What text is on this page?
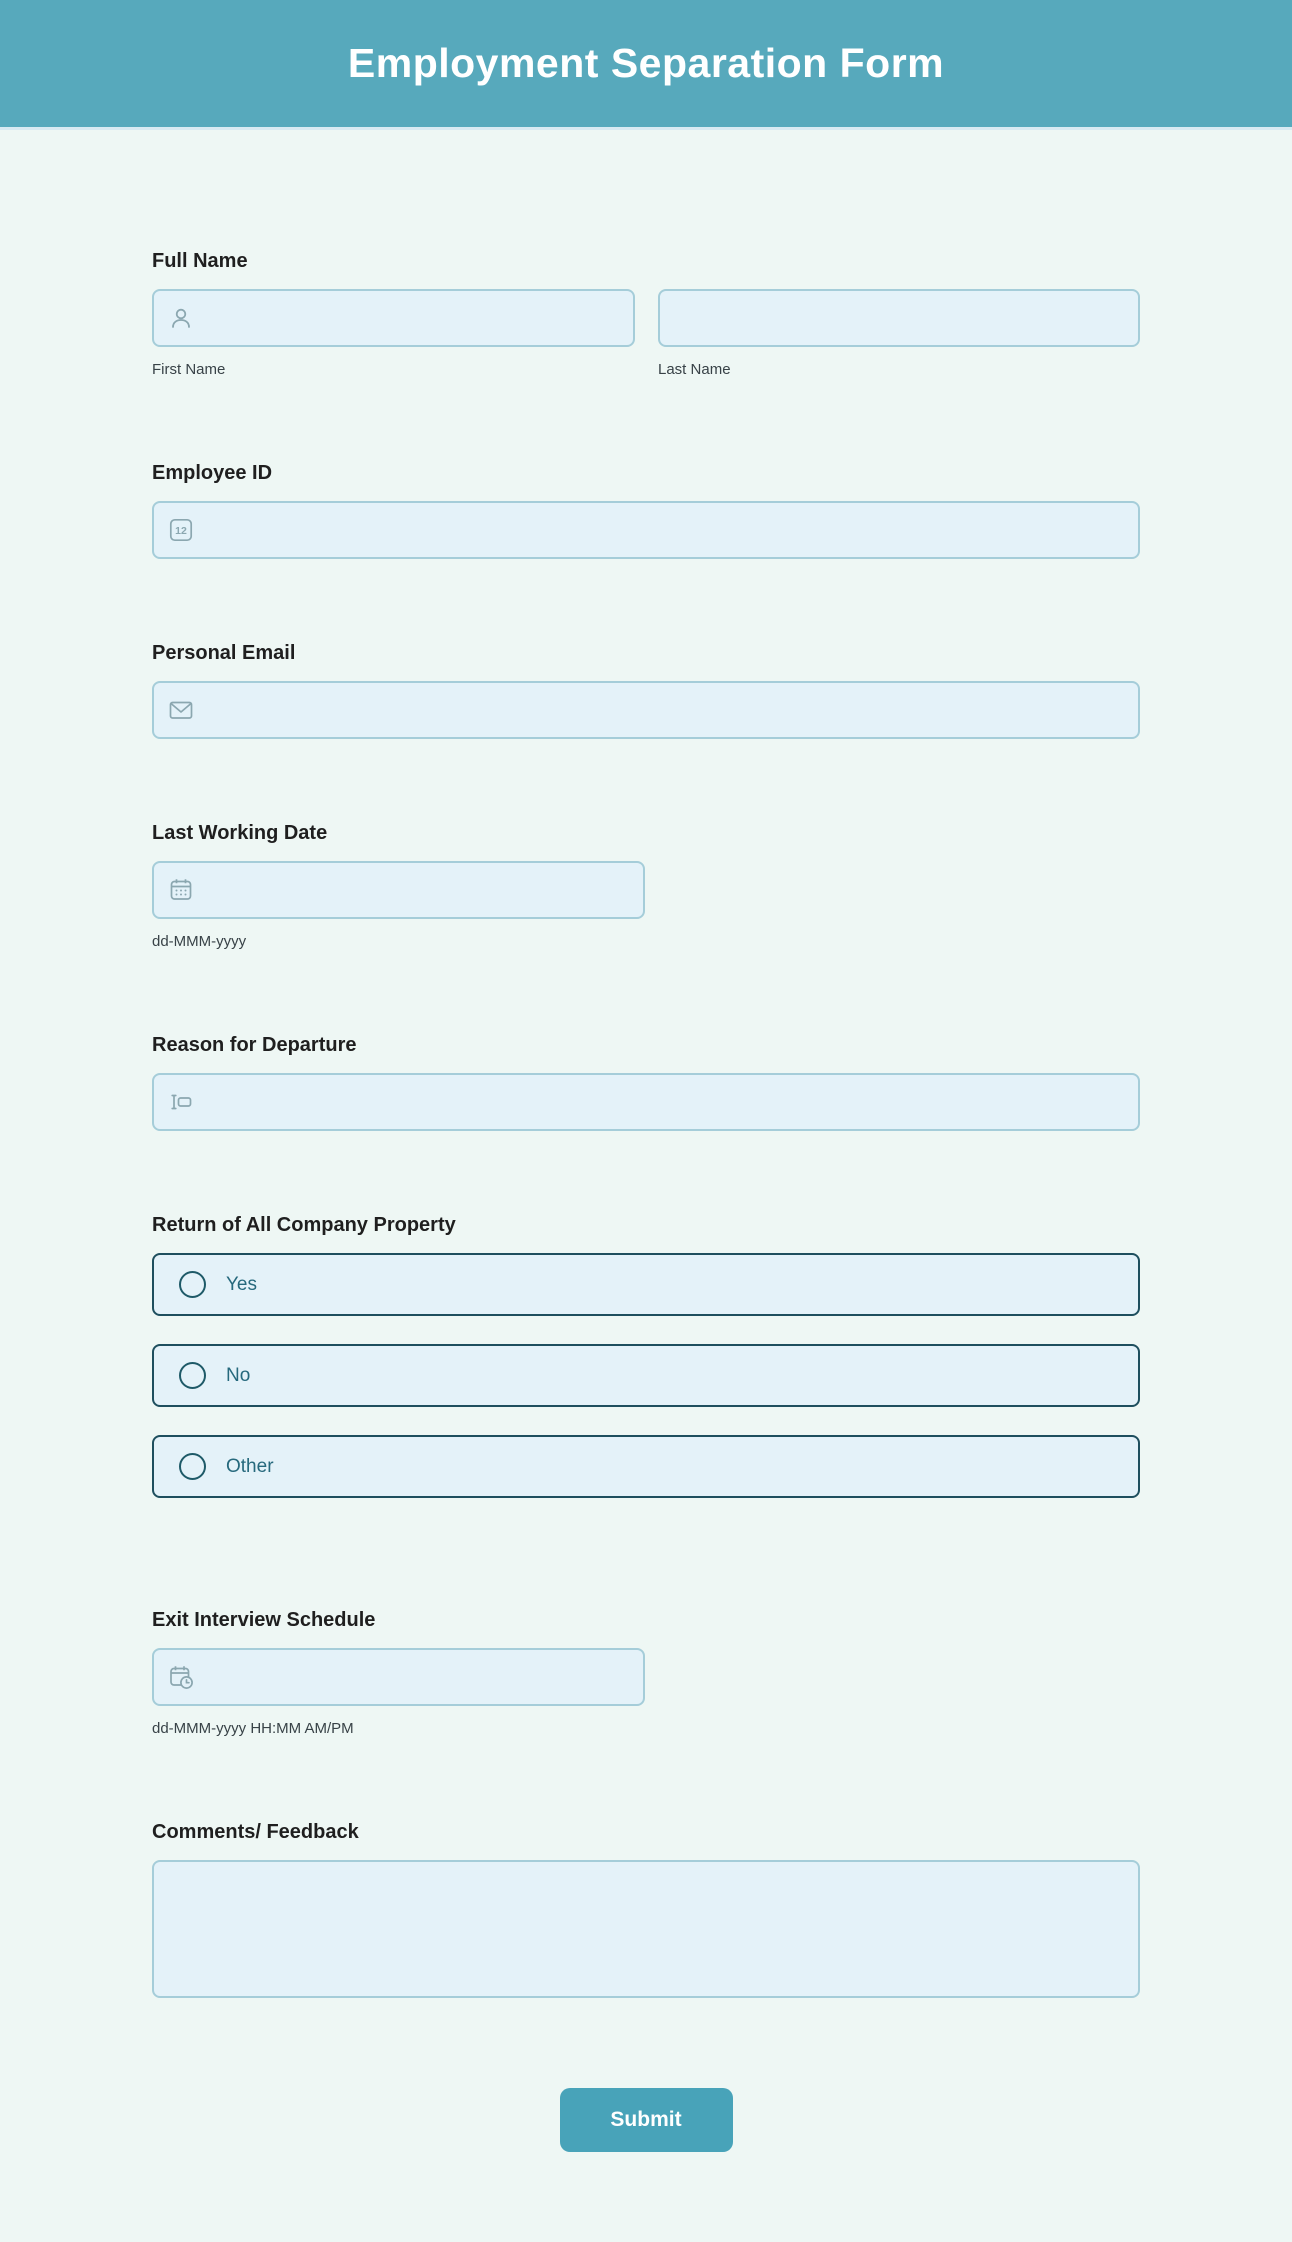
Employment Separation Form
Full Name
First Name	Last Name
Employee ID
12
Personal Email
Last Working Date
dd-MMM-yyyy
Reason for Departure
Return of All Company Property
Yes
No
Other
Exit Interview Schedule
dd-MMM-yyyy HH:MM AM/PM
Comments/ Feedback
Submit
